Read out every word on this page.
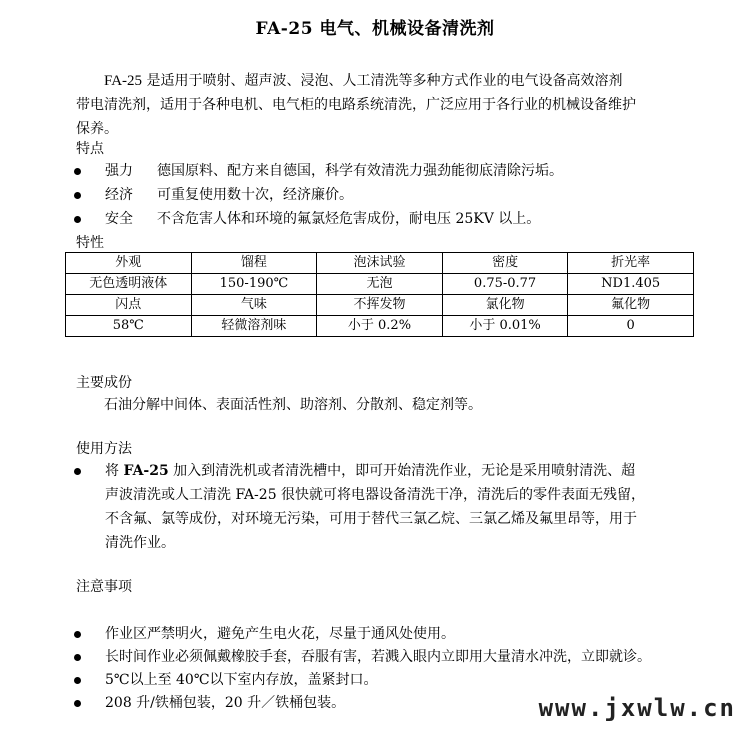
FA-25 电气、机械设备清洗剂
FA-25 是适用于喷射、超声波、浸泡、人工清洗等多种方式作业的电气设备高效溶剂
带电清洗剂，适用于各种电机、电气柜的电路系统清洗，广泛应用于各行业的机械设备维护
保养。
特点
强力 德国原料、配方来自德国，科学有效清洗力强劲能彻底清除污垢。
经济 可重复使用数十次，经济廉价。
安全 不含危害人体和环境的氟氯烃危害成份，耐电压 25KV 以上。
特性
外观	馏程	泡沫试验	密度	折光率
无色透明液体	150-190℃	无泡	0.75-0.77	ND1.405
闪点	气味	不挥发物	氯化物	氟化物
58℃	轻微溶剂味	小于 0.2%	小于 0.01%	0
主要成份
石油分解中间体、表面活性剂、助溶剂、分散剂、稳定剂等。
使用方法
将 FA-25 加入到清洗机或者清洗槽中，即可开始清洗作业，无论是采用喷射清洗、超
声波清洗或人工清洗 FA-25 很快就可将电器设备清洗干净，清洗后的零件表面无残留，
不含氟、氯等成份，对环境无污染，可用于替代三氯乙烷、三氯乙烯及氟里昂等，用于
清洗作业。
注意事项
作业区严禁明火，避免产生电火花，尽量于通风处使用。
长时间作业必须佩戴橡胶手套，吞服有害，若溅入眼内立即用大量清水冲洗，立即就诊。
5℃以上至 40℃以下室内存放，盖紧封口。
208 升/铁桶包装，20 升／铁桶包装。	www.jxwlw.cn
